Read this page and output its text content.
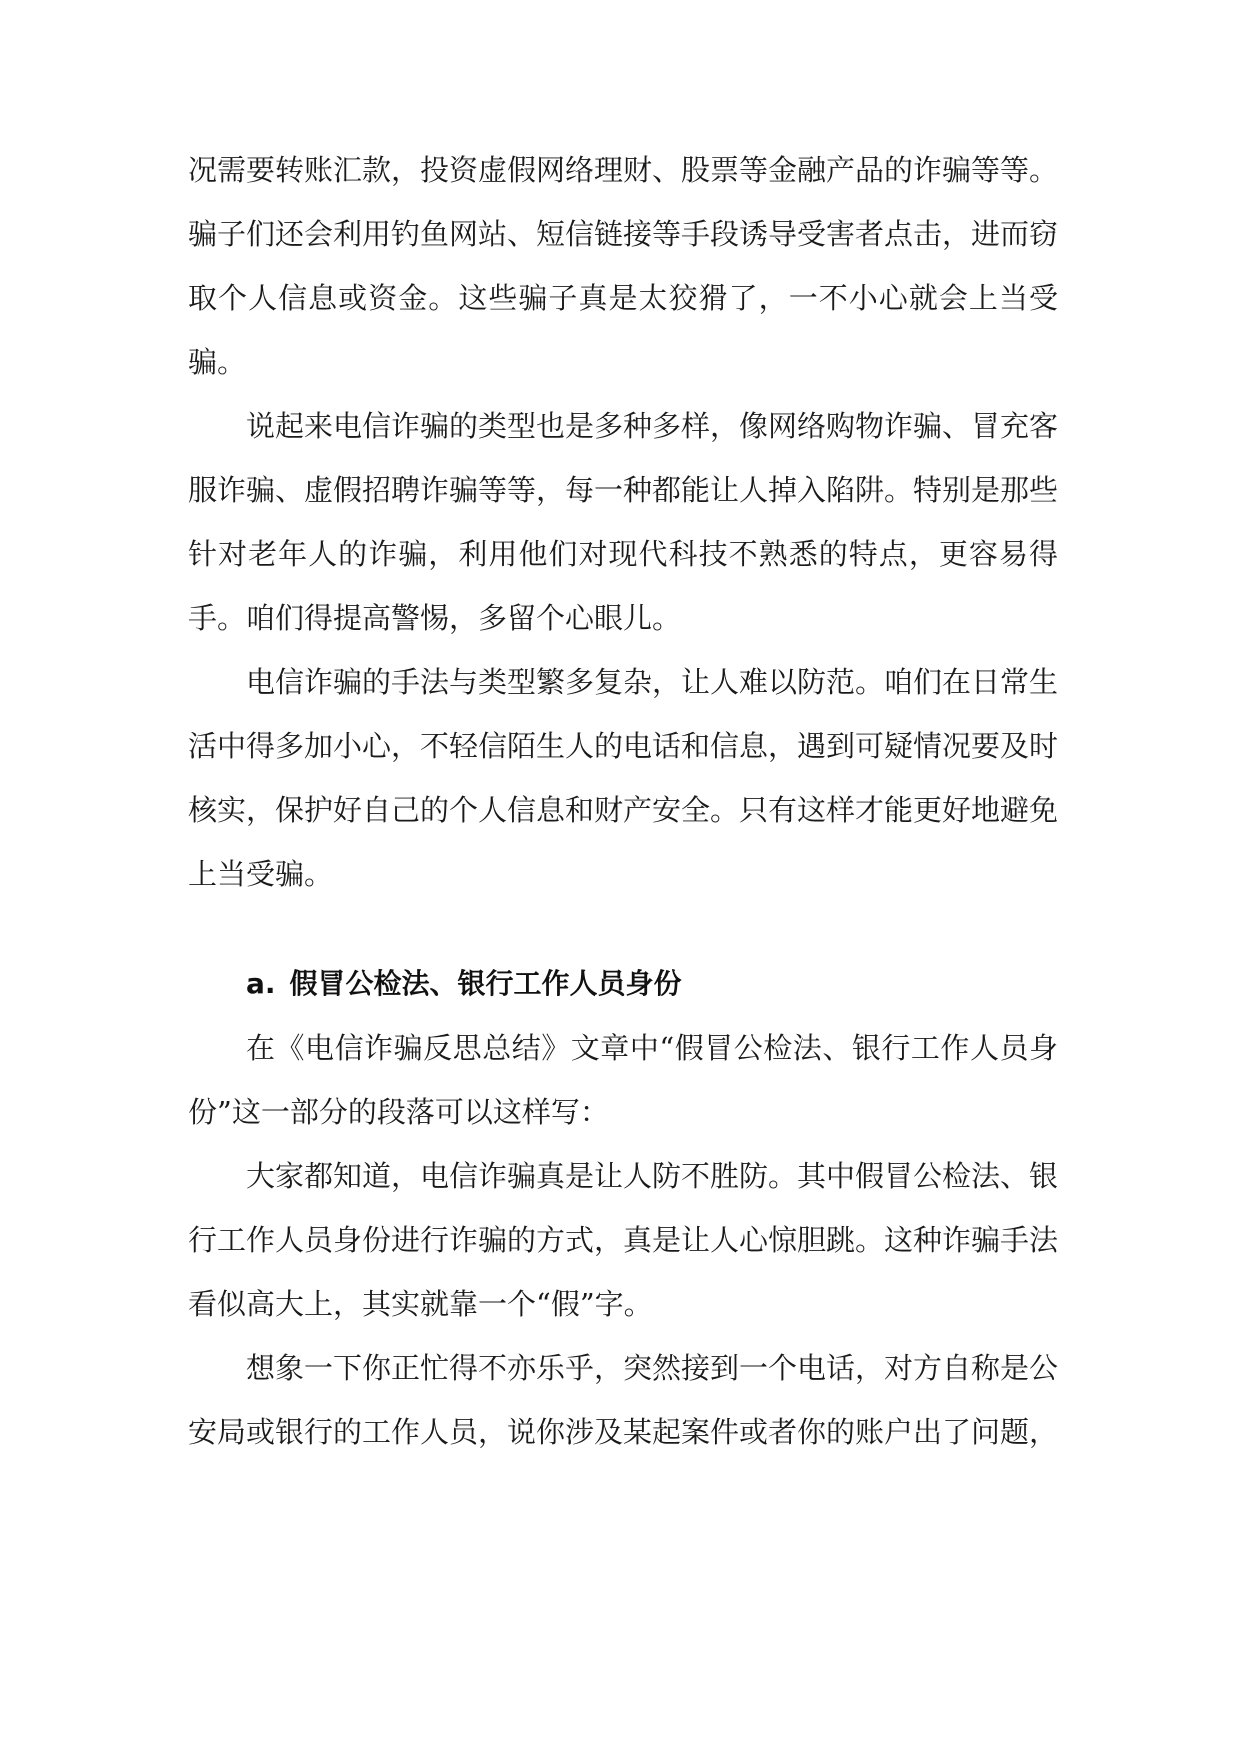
况需要转账汇款，投资虚假网络理财、股票等金融产品的诈骗等等。骗子们还会利用钓鱼网站、短信链接等手段诱导受害者点击，进而窃取个人信息或资金。这些骗子真是太狡猾了，一不小心就会上当受骗。

说起来电信诈骗的类型也是多种多样，像网络购物诈骗、冒充客服诈骗、虚假招聘诈骗等等，每一种都能让人掉入陷阱。特别是那些针对老年人的诈骗，利用他们对现代科技不熟悉的特点，更容易得手。咱们得提高警惕，多留个心眼儿。

电信诈骗的手法与类型繁多复杂，让人难以防范。咱们在日常生活中得多加小心，不轻信陌生人的电话和信息，遇到可疑情况要及时核实，保护好自己的个人信息和财产安全。只有这样才能更好地避免上当受骗。

a. 假冒公检法、银行工作人员身份

在《电信诈骗反思总结》文章中“假冒公检法、银行工作人员身份”这一部分的段落可以这样写：

大家都知道，电信诈骗真是让人防不胜防。其中假冒公检法、银行工作人员身份进行诈骗的方式，真是让人心惊胆跳。这种诈骗手法看似高大上，其实就靠一个“假”字。

想象一下你正忙得不亦乐乎，突然接到一个电话，对方自称是公安局或银行的工作人员，说你涉及某起案件或者你的账户出了问题，
